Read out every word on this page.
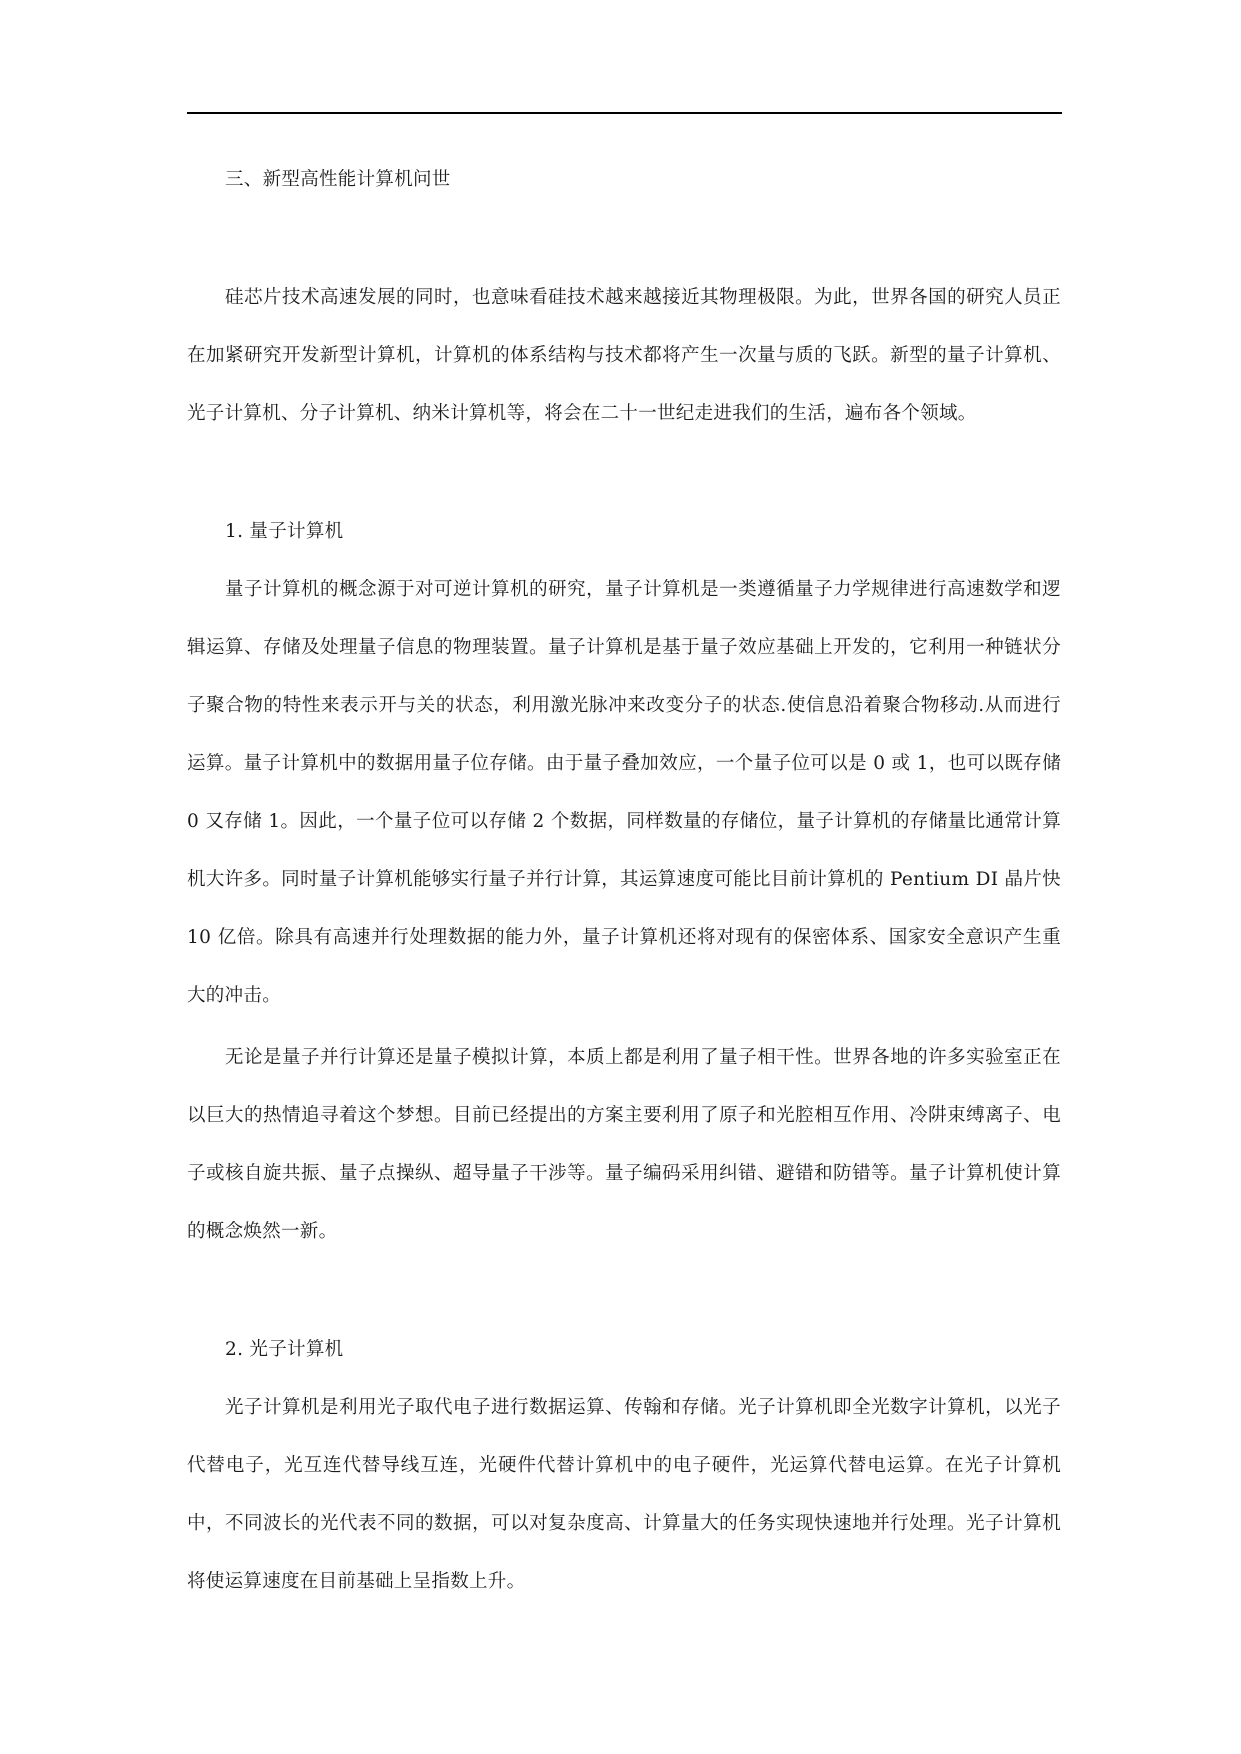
三、新型高性能计算机问世
硅芯片技术高速发展的同时，也意味看硅技术越来越接近其物理极限。为此，世界各国的研究人员正在加紧研究开发新型计算机，计算机的体系结构与技术都将产生一次量与质的飞跃。新型的量子计算机、光子计算机、分子计算机、纳米计算机等，将会在二十一世纪走进我们的生活，遍布各个领域。
1. 量子计算机
量子计算机的概念源于对可逆计算机的研究，量子计算机是一类遵循量子力学规律进行高速数学和逻辑运算、存储及处理量子信息的物理装置。量子计算机是基于量子效应基础上开发的，它利用一种链状分子聚合物的特性来表示开与关的状态，利用激光脉冲来改变分子的状态.使信息沿着聚合物移动.从而进行运算。量子计算机中的数据用量子位存储。由于量子叠加效应，一个量子位可以是 0 或 1，也可以既存储 0 又存储 1。因此，一个量子位可以存储 2 个数据，同样数量的存储位，量子计算机的存储量比通常计算机大许多。同时量子计算机能够实行量子并行计算，其运算速度可能比目前计算机的 Pentium DI 晶片快 10 亿倍。除具有高速并行处理数据的能力外，量子计算机还将对现有的保密体系、国家安全意识产生重大的冲击。
无论是量子并行计算还是量子模拟计算，本质上都是利用了量子相干性。世界各地的许多实验室正在以巨大的热情追寻着这个梦想。目前已经提出的方案主要利用了原子和光腔相互作用、冷阱束缚离子、电子或核自旋共振、量子点操纵、超导量子干涉等。量子编码采用纠错、避错和防错等。量子计算机使计算的概念焕然一新。
2. 光子计算机
光子计算机是利用光子取代电子进行数据运算、传翰和存储。光子计算机即全光数字计算机，以光子代替电子，光互连代替导线互连，光硬件代替计算机中的电子硬件，光运算代替电运算。在光子计算机中，不同波长的光代表不同的数据，可以对复杂度高、计算量大的任务实现快速地并行处理。光子计算机将使运算速度在目前基础上呈指数上升。
